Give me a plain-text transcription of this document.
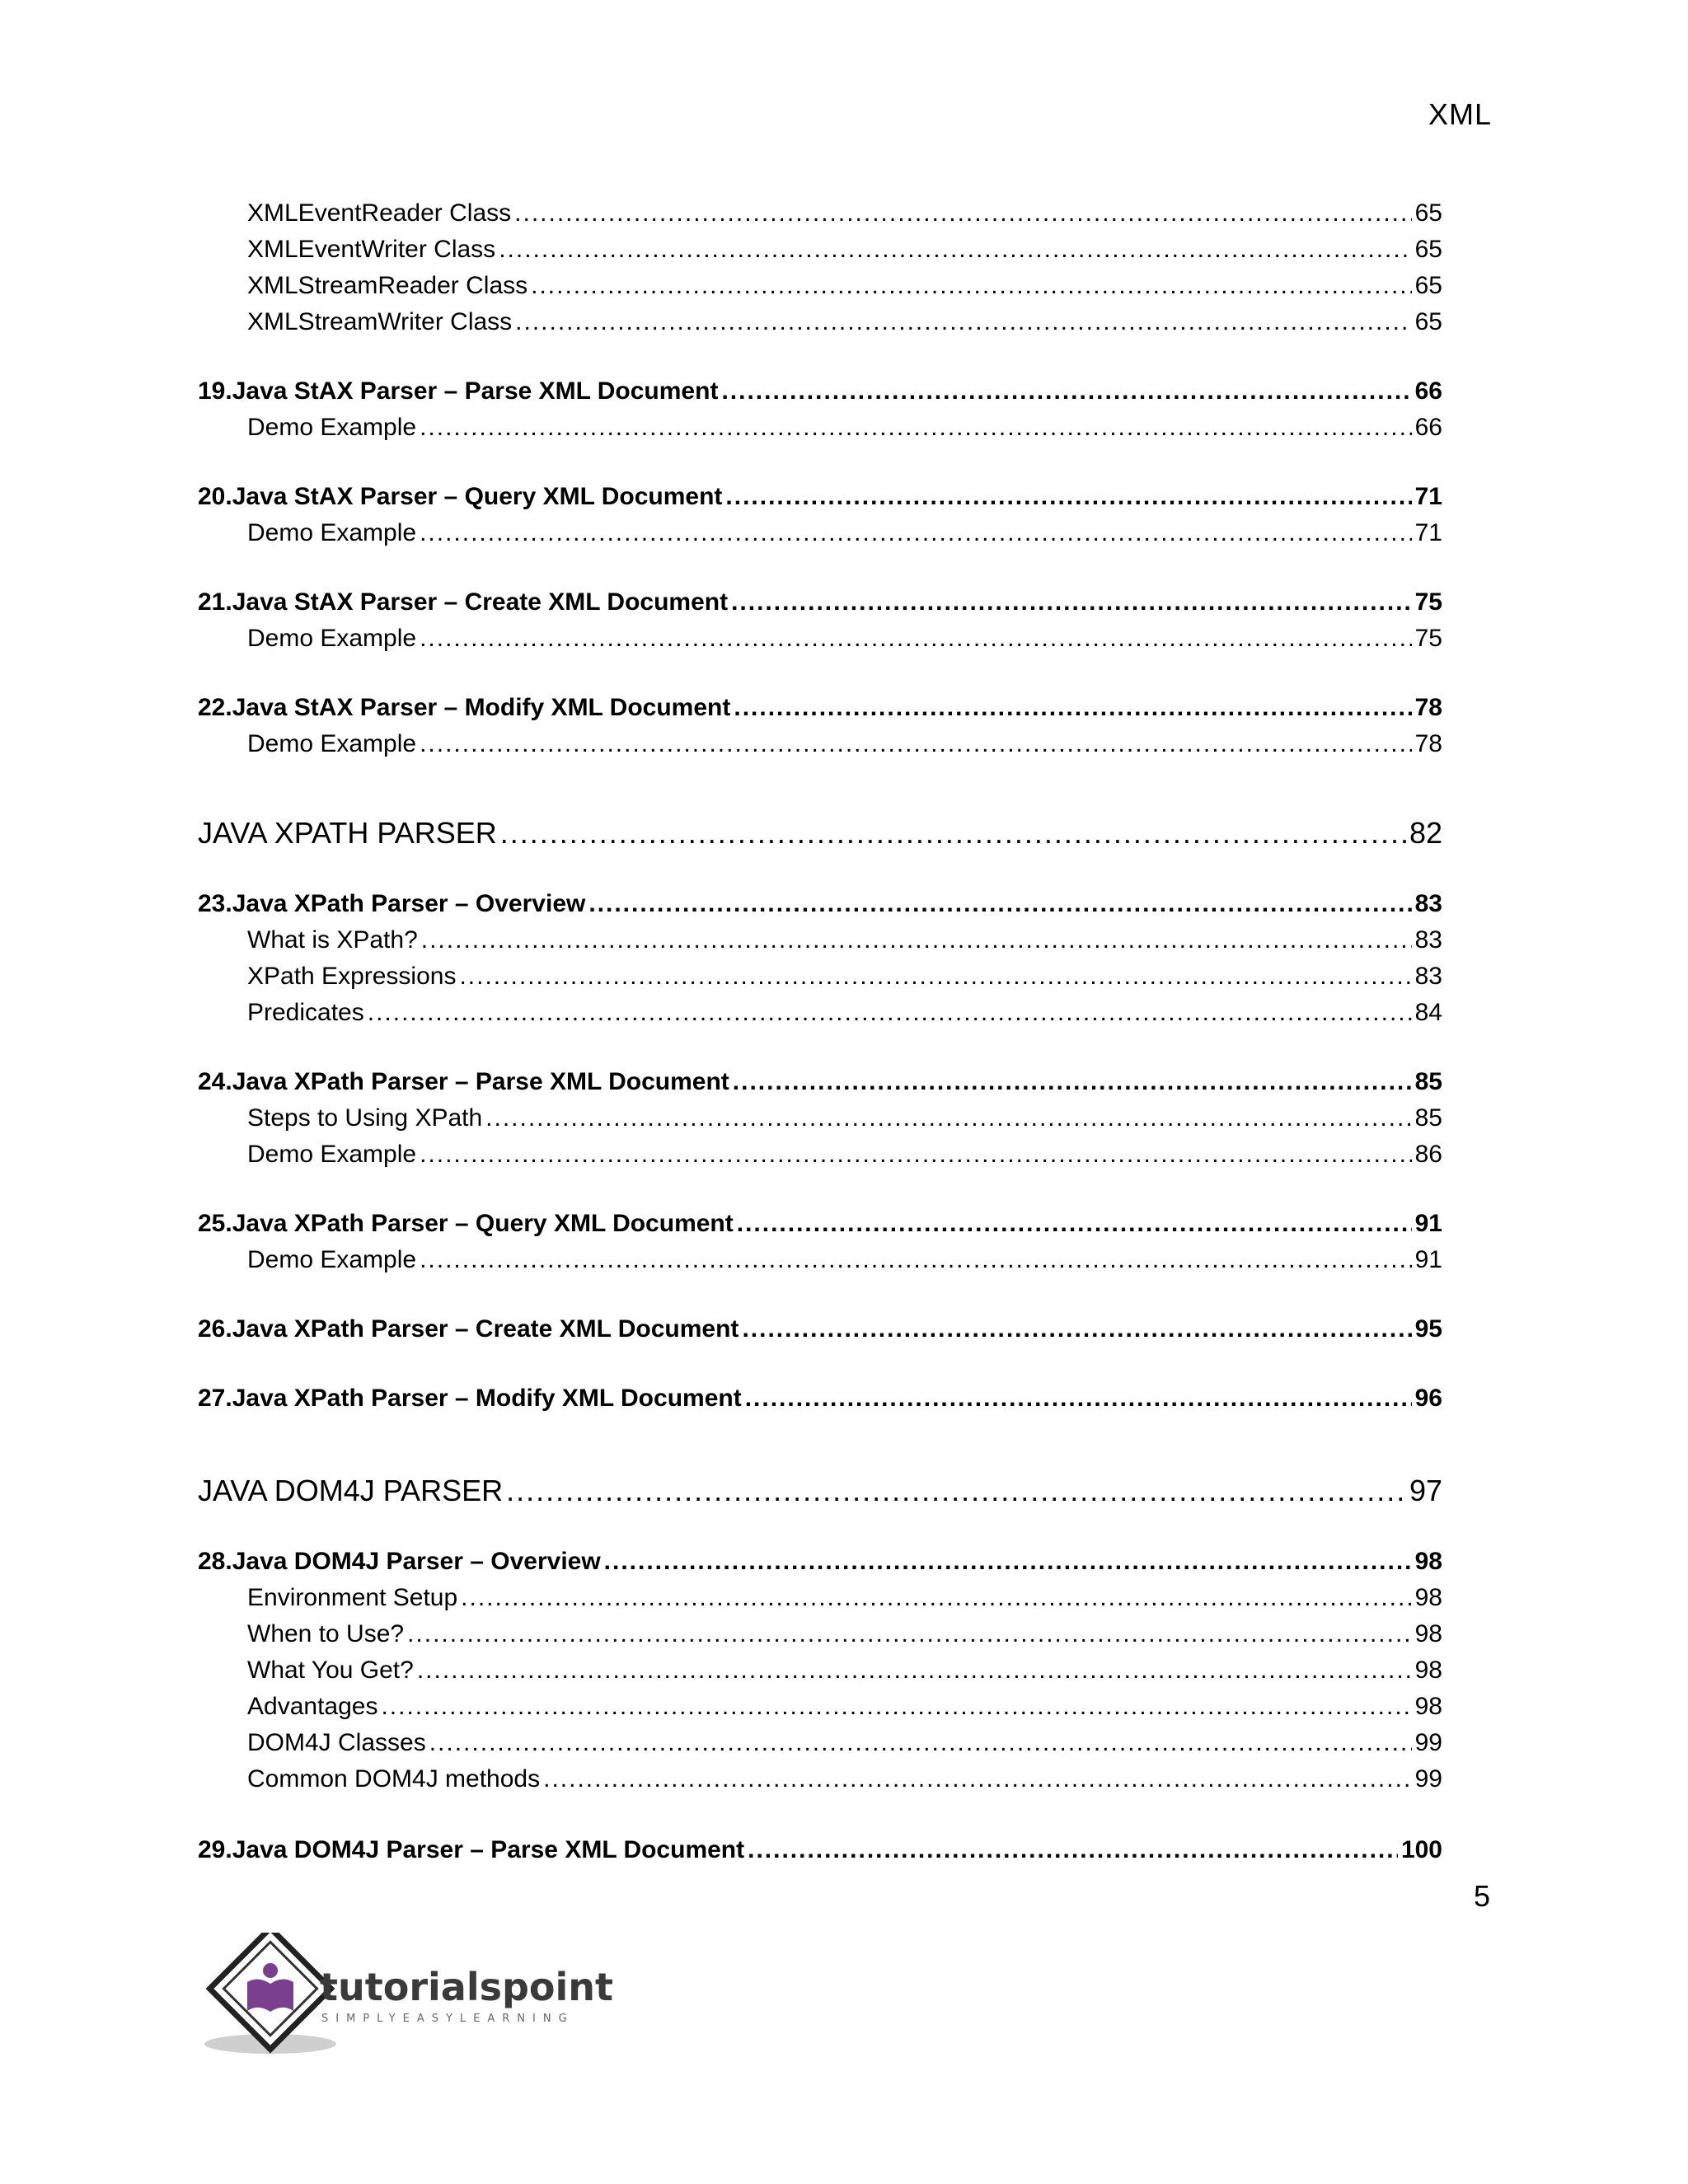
XML
XMLEventReader Class .....	65
XMLEventWriter Class .....	65
XMLStreamReader Class .....	65
XMLStreamWriter Class .....	65
19. Java StAX Parser – Parse XML Document .....	66
Demo Example .....	66
20. Java StAX Parser – Query XML Document .....	71
Demo Example .....	71
21. Java StAX Parser – Create XML Document .....	75
Demo Example .....	75
22. Java StAX Parser – Modify XML Document .....	78
Demo Example .....	78
JAVA XPATH PARSER .....	82
23. Java XPath Parser – Overview .....	83
What is XPath? .....	83
XPath Expressions .....	83
Predicates .....	84
24. Java XPath Parser – Parse XML Document .....	85
Steps to Using XPath .....	85
Demo Example .....	86
25. Java XPath Parser – Query XML Document .....	91
Demo Example .....	91
26. Java XPath Parser – Create XML Document .....	95
27. Java XPath Parser – Modify XML Document .....	96
JAVA DOM4J PARSER .....	97
28. Java DOM4J Parser – Overview .....	98
Environment Setup .....	98
When to Use? .....	98
What You Get? .....	98
Advantages .....	98
DOM4J Classes .....	99
Common DOM4J methods .....	99
29. Java DOM4J Parser – Parse XML Document .....	100
5
tutorialspoint
SIMPLYEASYLEARNING
